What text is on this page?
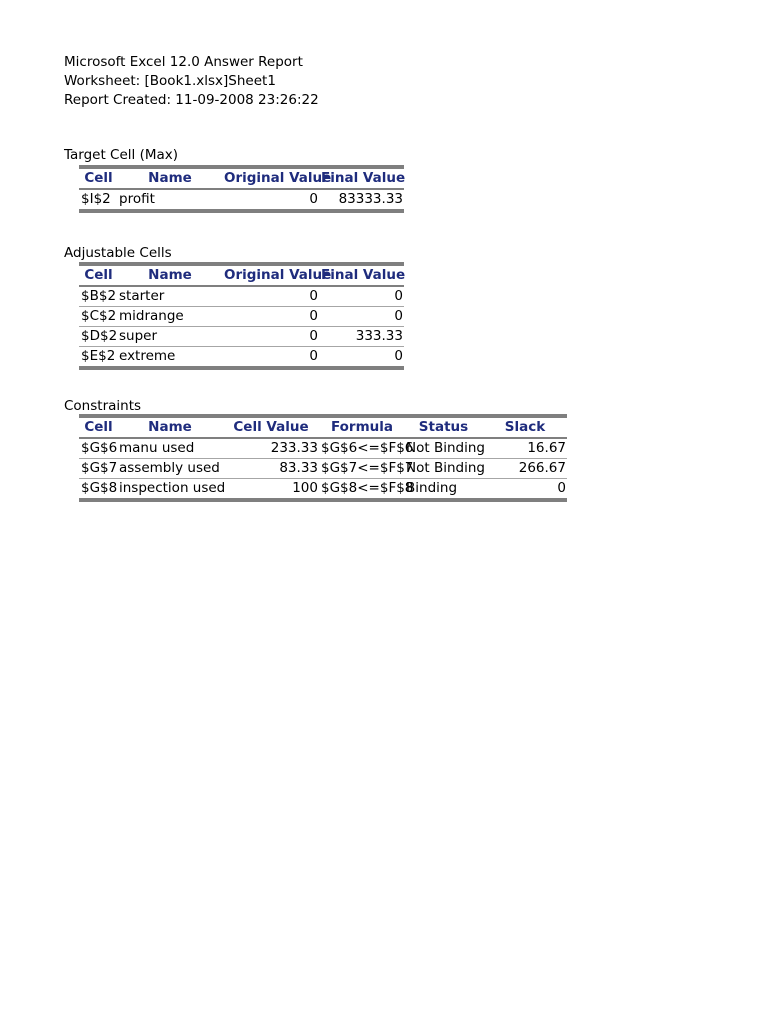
Microsoft Excel 12.0 Answer Report
Worksheet: [Book1.xlsx]Sheet1
Report Created: 11-09-2008 23:26:22
Target Cell (Max)
Cell	Name	Original Value	Final Value
$I$2	profit	0	83333.33
Adjustable Cells
Cell	Name	Original Value	Final Value
$B$2	starter	0	0
$C$2	midrange	0	0
$D$2	super	0	333.33
$E$2	extreme	0	0
Constraints
Cell	Name	Cell Value	Formula	Status	Slack
$G$6	manu used	233.33	$G$6<=$F$6	Not Binding	16.67
$G$7	assembly used	83.33	$G$7<=$F$7	Not Binding	266.67
$G$8	inspection used	100	$G$8<=$F$8	Binding	0
